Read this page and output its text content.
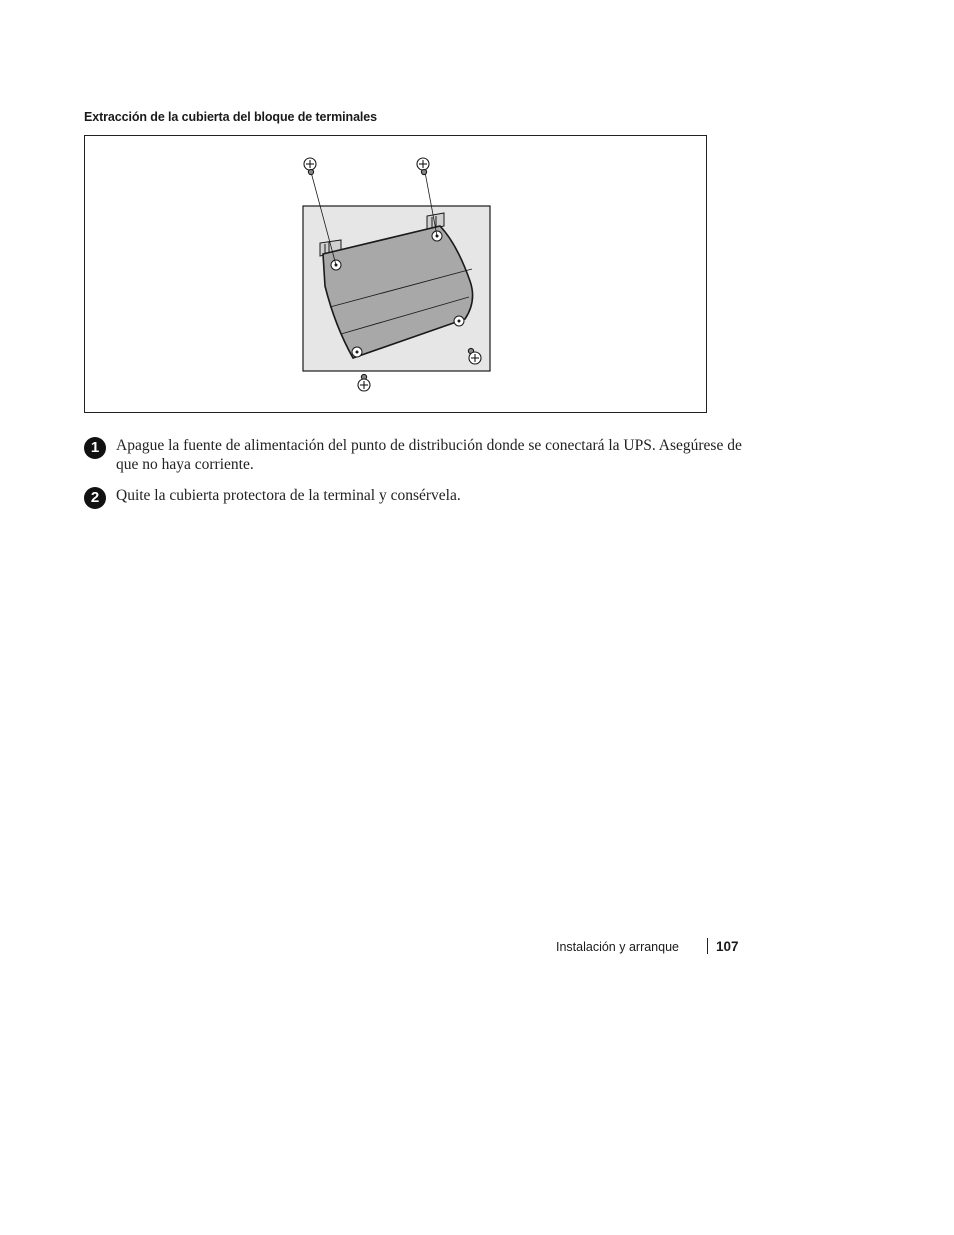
Extracción de la cubierta del bloque de terminales
1	Apague la fuente de alimentación del punto de distribución donde se conectará la UPS. Asegúrese de que no haya corriente.
2	Quite la cubierta protectora de la terminal y consérvela.
Instalación y arranque	107
